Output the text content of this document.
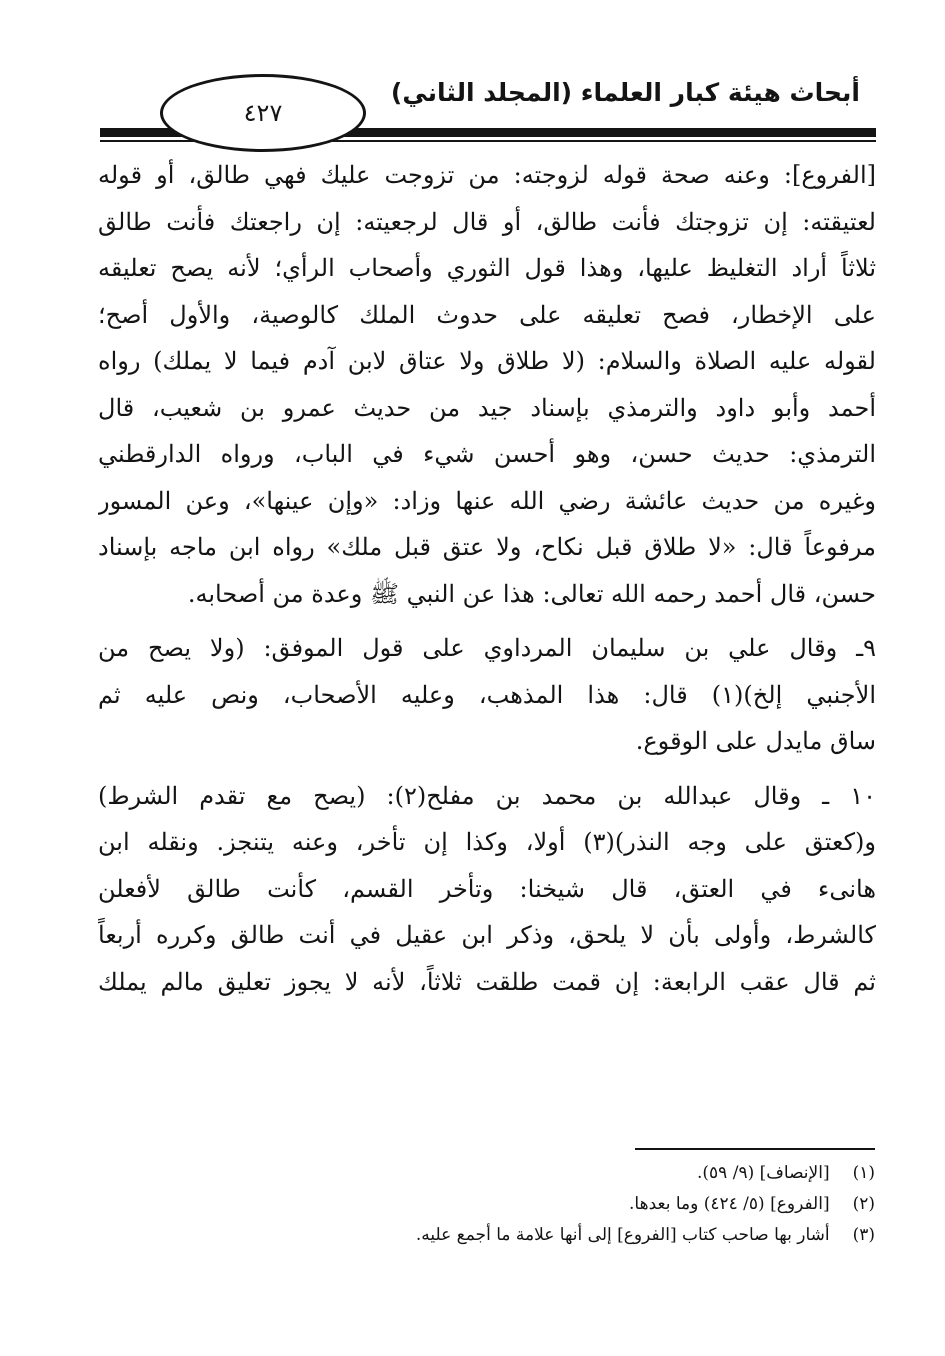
٤٢٧
أبحاث هيئة كبار العلماء (المجلد الثاني)
[الفروع]: وعنه صحة قوله لزوجته: من تزوجت عليك فهي طالق، أو قوله
لعتيقته: إن تزوجتك فأنت طالق، أو قال لرجعيته: إن راجعتك فأنت طالق
ثلاثاً أراد التغليظ عليها، وهذا قول الثوري وأصحاب الرأي؛ لأنه يصح تعليقه
على الإخطار، فصح تعليقه على حدوث الملك كالوصية، والأول أصح؛
لقوله عليه الصلاة والسلام: (لا طلاق ولا عتاق لابن آدم فيما لا يملك) رواه
أحمد وأبو داود والترمذي بإسناد جيد من حديث عمرو بن شعيب، قال
الترمذي: حديث حسن، وهو أحسن شيء في الباب، ورواه الدارقطني
وغيره من حديث عائشة رضي الله عنها وزاد: «وإن عينها»، وعن المسور
مرفوعاً قال: «لا طلاق قبل نكاح، ولا عتق قبل ملك» رواه ابن ماجه بإسناد
حسن، قال أحمد رحمه الله تعالى: هذا عن النبي ﷺ وعدة من أصحابه.
٩ـ وقال علي بن سليمان المرداوي على قول الموفق: (ولا يصح من
الأجنبي إلخ)(١) قال: هذا المذهب، وعليه الأصحاب، ونص عليه ثم
ساق مايدل على الوقوع.
١٠ ـ وقال عبدالله بن محمد بن مفلح(٢): (يصح مع تقدم الشرط)
و(كعتق على وجه النذر)(٣) أولا، وكذا إن تأخر، وعنه يتنجز. ونقله ابن
هانىء في العتق، قال شيخنا: وتأخر القسم، كأنت طالق لأفعلن
كالشرط، وأولى بأن لا يلحق، وذكر ابن عقيل في أنت طالق وكرره أربعاً
ثم قال عقب الرابعة: إن قمت طلقت ثلاثاً، لأنه لا يجوز تعليق مالم يملك
(١) [الإنصاف] (٩/ ٥٩).
(٢) [الفروع] (٥/ ٤٢٤) وما بعدها.
(٣) أشار بها صاحب كتاب [الفروع] إلى أنها علامة ما أجمع عليه.
